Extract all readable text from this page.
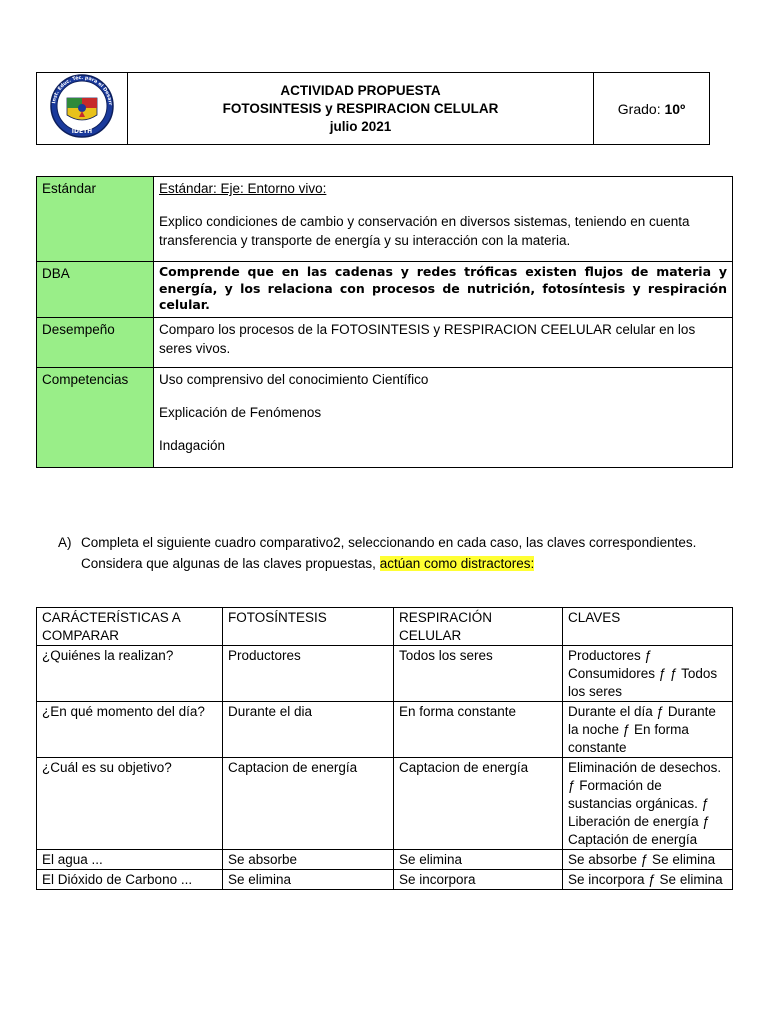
Inst. Educ. Téc. para el Desarr
IDETH

ACTIVIDAD PROPUESTA
FOTOSINTESIS y RESPIRACION CELULAR
julio 2021
	Grado: 10º
Estándar	Estándar: Eje: Entorno vivo:

Explico condiciones de cambio y conservación en diversos sistemas, teniendo en cuenta transferencia y transporte de energía y su interacción con la materia.

DBA	Comprende que en las cadenas y redes tróficas existen flujos de materia y energía, y los relaciona con procesos de nutrición, fotosíntesis y respiración celular.
Desempeño	Comparo los procesos de la FOTOSINTESIS y RESPIRACION CEELULAR celular en los seres vivos.
Competencias	Uso comprensivo del conocimiento Científico

Explicación de Fenómenos

Indagación

A) Completa el siguiente cuadro comparativo2, seleccionando en cada caso, las claves correspondientes. Considera que algunas de las claves propuestas, actúan como distractores:
CARÁCTERÍSTICAS A COMPARAR	FOTOSÍNTESIS	RESPIRACIÓN CELULAR	CLAVES
¿Quiénes la realizan?	Productores	Todos los seres	Productores ƒ Consumidores ƒ ƒ Todos los seres
¿En qué momento del día?	Durante el dia	En forma constante	Durante el día ƒ Durante la noche ƒ En forma constante
¿Cuál es su objetivo?	Captacion de energía	Captacion de energía	Eliminación de desechos. ƒ Formación de sustancias orgánicas. ƒ Liberación de energía ƒ Captación de energía
El agua ...	Se absorbe	Se elimina	Se absorbe ƒ Se elimina
El Dióxido de Carbono ...	Se elimina	Se incorpora	Se incorpora ƒ Se elimina
